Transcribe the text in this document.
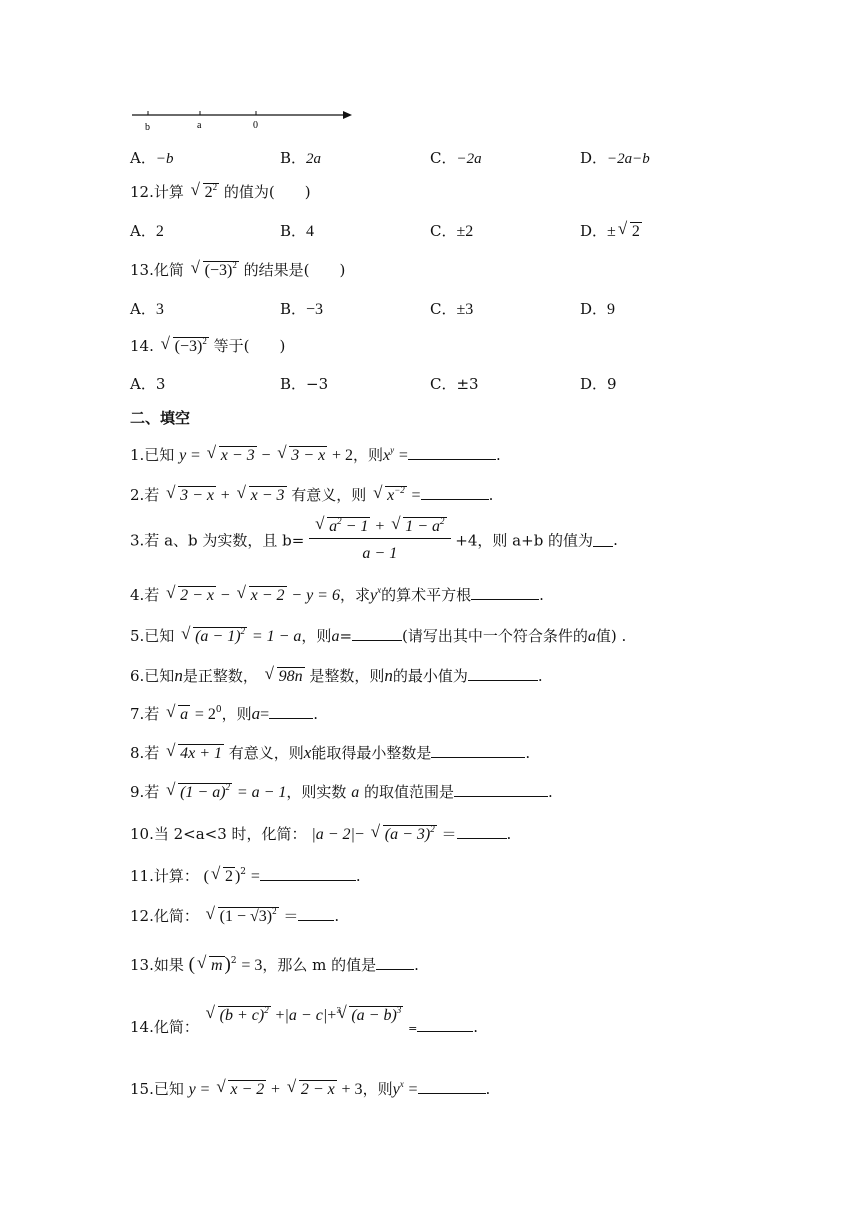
b	a	0
A．−b	B．2a	C．−2a	D．−2a−b
12.计算 √ $2^2$ 的值为(　　)
A．2	B．4	C．±2	D．±√ 2
13.化简 √ $(-3)^2$ 的结果是(　　)
A．3	B．−3	C．±3	D．9
14. √ $(-3)^2$ 等于(　　)
A．3	B．−3	C．±3	D．9
二、填空
1.已知 y = √ x − 3 − √ 3 − x + 2，则$x^y$ =	.
2.若 √ 3 − x + √ x − 3 有意义，则 √ $x^{-2}$ =	.
3.若 a、b 为实数，且 b=
√ $\frac{a^2 - 1 + √ 1 - a^2}{a - 1} +4$，则 a+b 的值为 .
4.若 √ 2 − x − √ x − 2 − y = 6，求$y^x$的算术平方根	.
5.已知 √ $(a - 1)^2 = 1 - a$，则a=	(请写出其中一个符合条件的a值) .
6.已知n是正整数， √ 98n 是整数，则n的最小值为	.
7.若 √ $a = 2^0$，则a=	.
8.若 √ 4x + 1 有意义，则x能取得最小整数是	.
9.若 √ $(1 - a)^2 = a - 1$，则实数 a 的取值范围是	.
10.当 2<a<3 时，化简： |a − 2|− √ $(a - 3)^2$ ＝	.
11.计算： (√ 2 )$^2$ =	.
12.化简： √ $(1 - √3)^2$ ＝ .
13.如果 (√ m )$^2$ = 3，那么 m 的值是	.
14.化简： √ $(b + c)^2 +|a - c|+^3√$ $(a - b)^3$ =	.
15.已知 y = √ x − 2 + √ 2 − x + 3，则$y^x$ =	.
